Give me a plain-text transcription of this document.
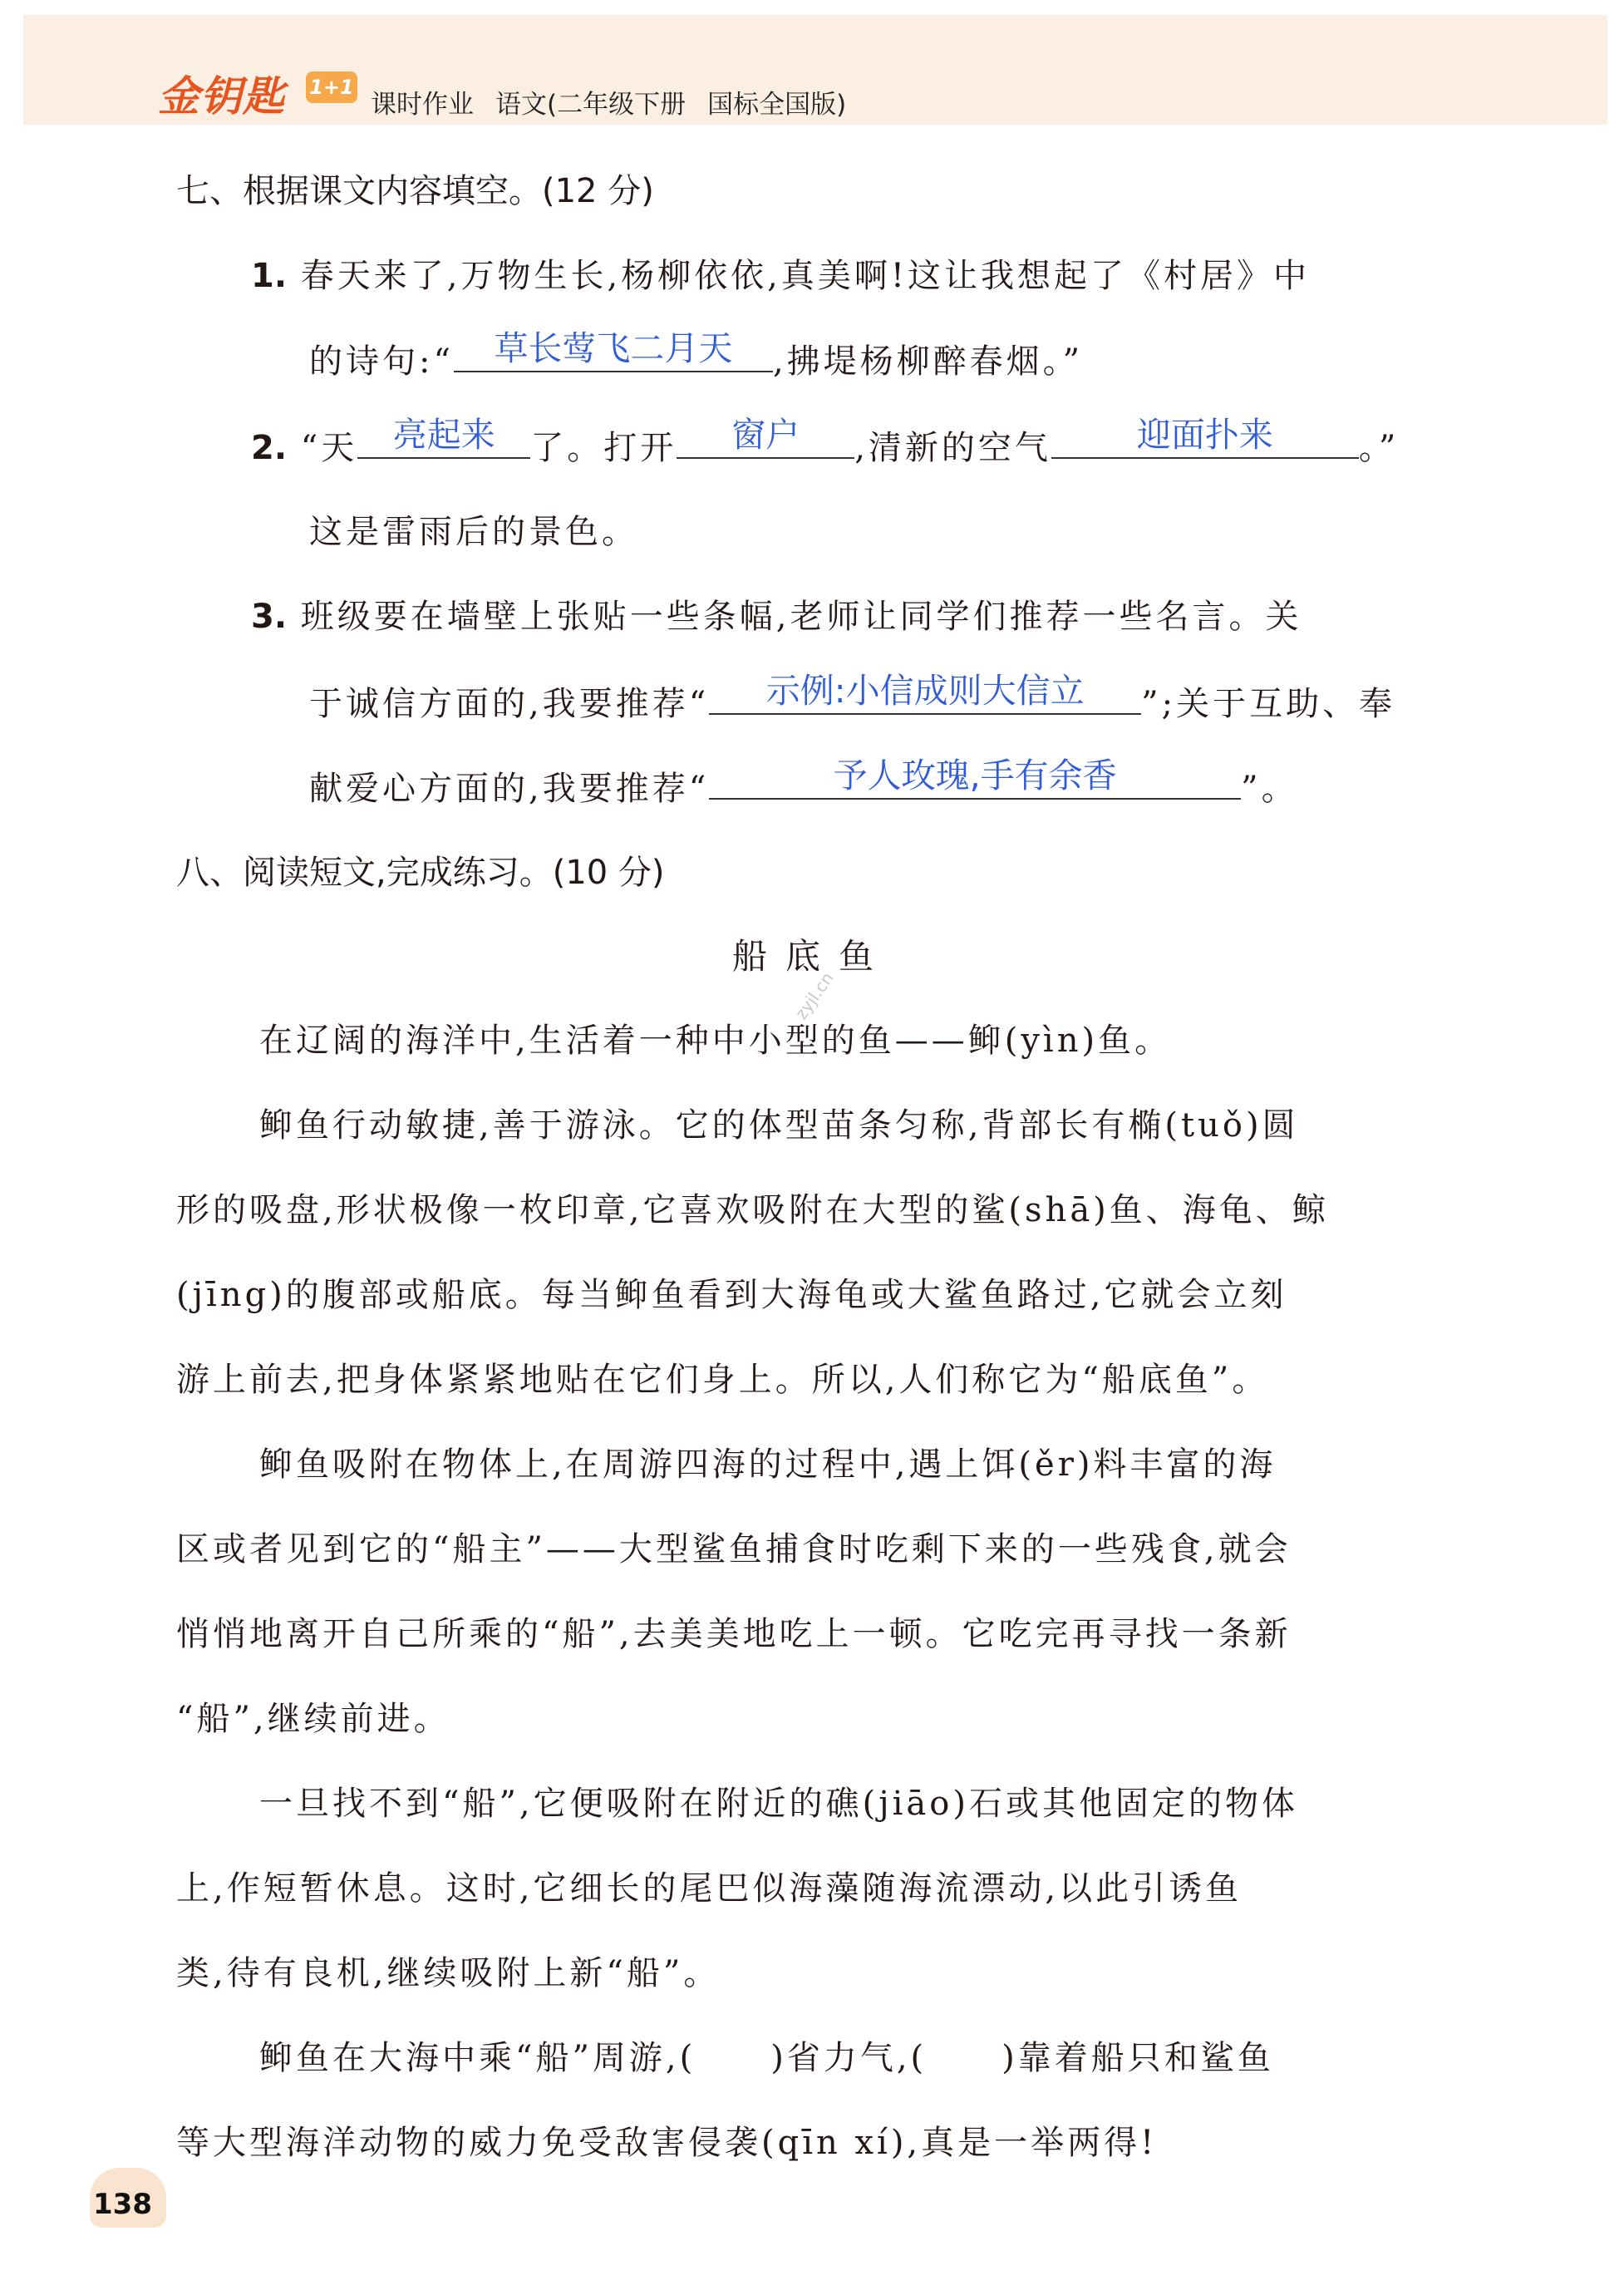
金钥匙 1+1
课时作业 语文(二年级下册 国标全国版)
七、根据课文内容填空。(12 分)
1. 春天来了,万物生长,杨柳依依,真美啊!这让我想起了《村居》中
的诗句:“	草长莺飞二月天	,拂堤杨柳醉春烟。”
2. “天	亮起来	了。打开	窗户	,清新的空气	迎面扑来	。”
这是雷雨后的景色。
3. 班级要在墙壁上张贴一些条幅,老师让同学们推荐一些名言。关
于诚信方面的,我要推荐“	示例:小信成则大信立	”;关于互助、奉
献爱心方面的,我要推荐“	予人玫瑰,手有余香	”。
八、阅读短文,完成练习。(10 分)
船底鱼
zyjl.cn
在辽阔的海洋中,生活着一种中小型的鱼——䲟(yìn)鱼。
䲟鱼行动敏捷,善于游泳。它的体型苗条匀称,背部长有椭(tuǒ)圆
形的吸盘,形状极像一枚印章,它喜欢吸附在大型的鲨(shā)鱼、海龟、鲸
(jīng)的腹部或船底。每当䲟鱼看到大海龟或大鲨鱼路过,它就会立刻
游上前去,把身体紧紧地贴在它们身上。所以,人们称它为“船底鱼”。
䲟鱼吸附在物体上,在周游四海的过程中,遇上饵(ěr)料丰富的海
区或者见到它的“船主”——大型鲨鱼捕食时吃剩下来的一些残食,就会
悄悄地离开自己所乘的“船”,去美美地吃上一顿。它吃完再寻找一条新
“船”,继续前进。
一旦找不到“船”,它便吸附在附近的礁(jiāo)石或其他固定的物体
上,作短暂休息。这时,它细长的尾巴似海藻随海流漂动,以此引诱鱼
类,待有良机,继续吸附上新“船”。
䲟鱼在大海中乘“船”周游,( )省力气,( )靠着船只和鲨鱼
等大型海洋动物的威力免受敌害侵袭(qīn xí),真是一举两得!
138
